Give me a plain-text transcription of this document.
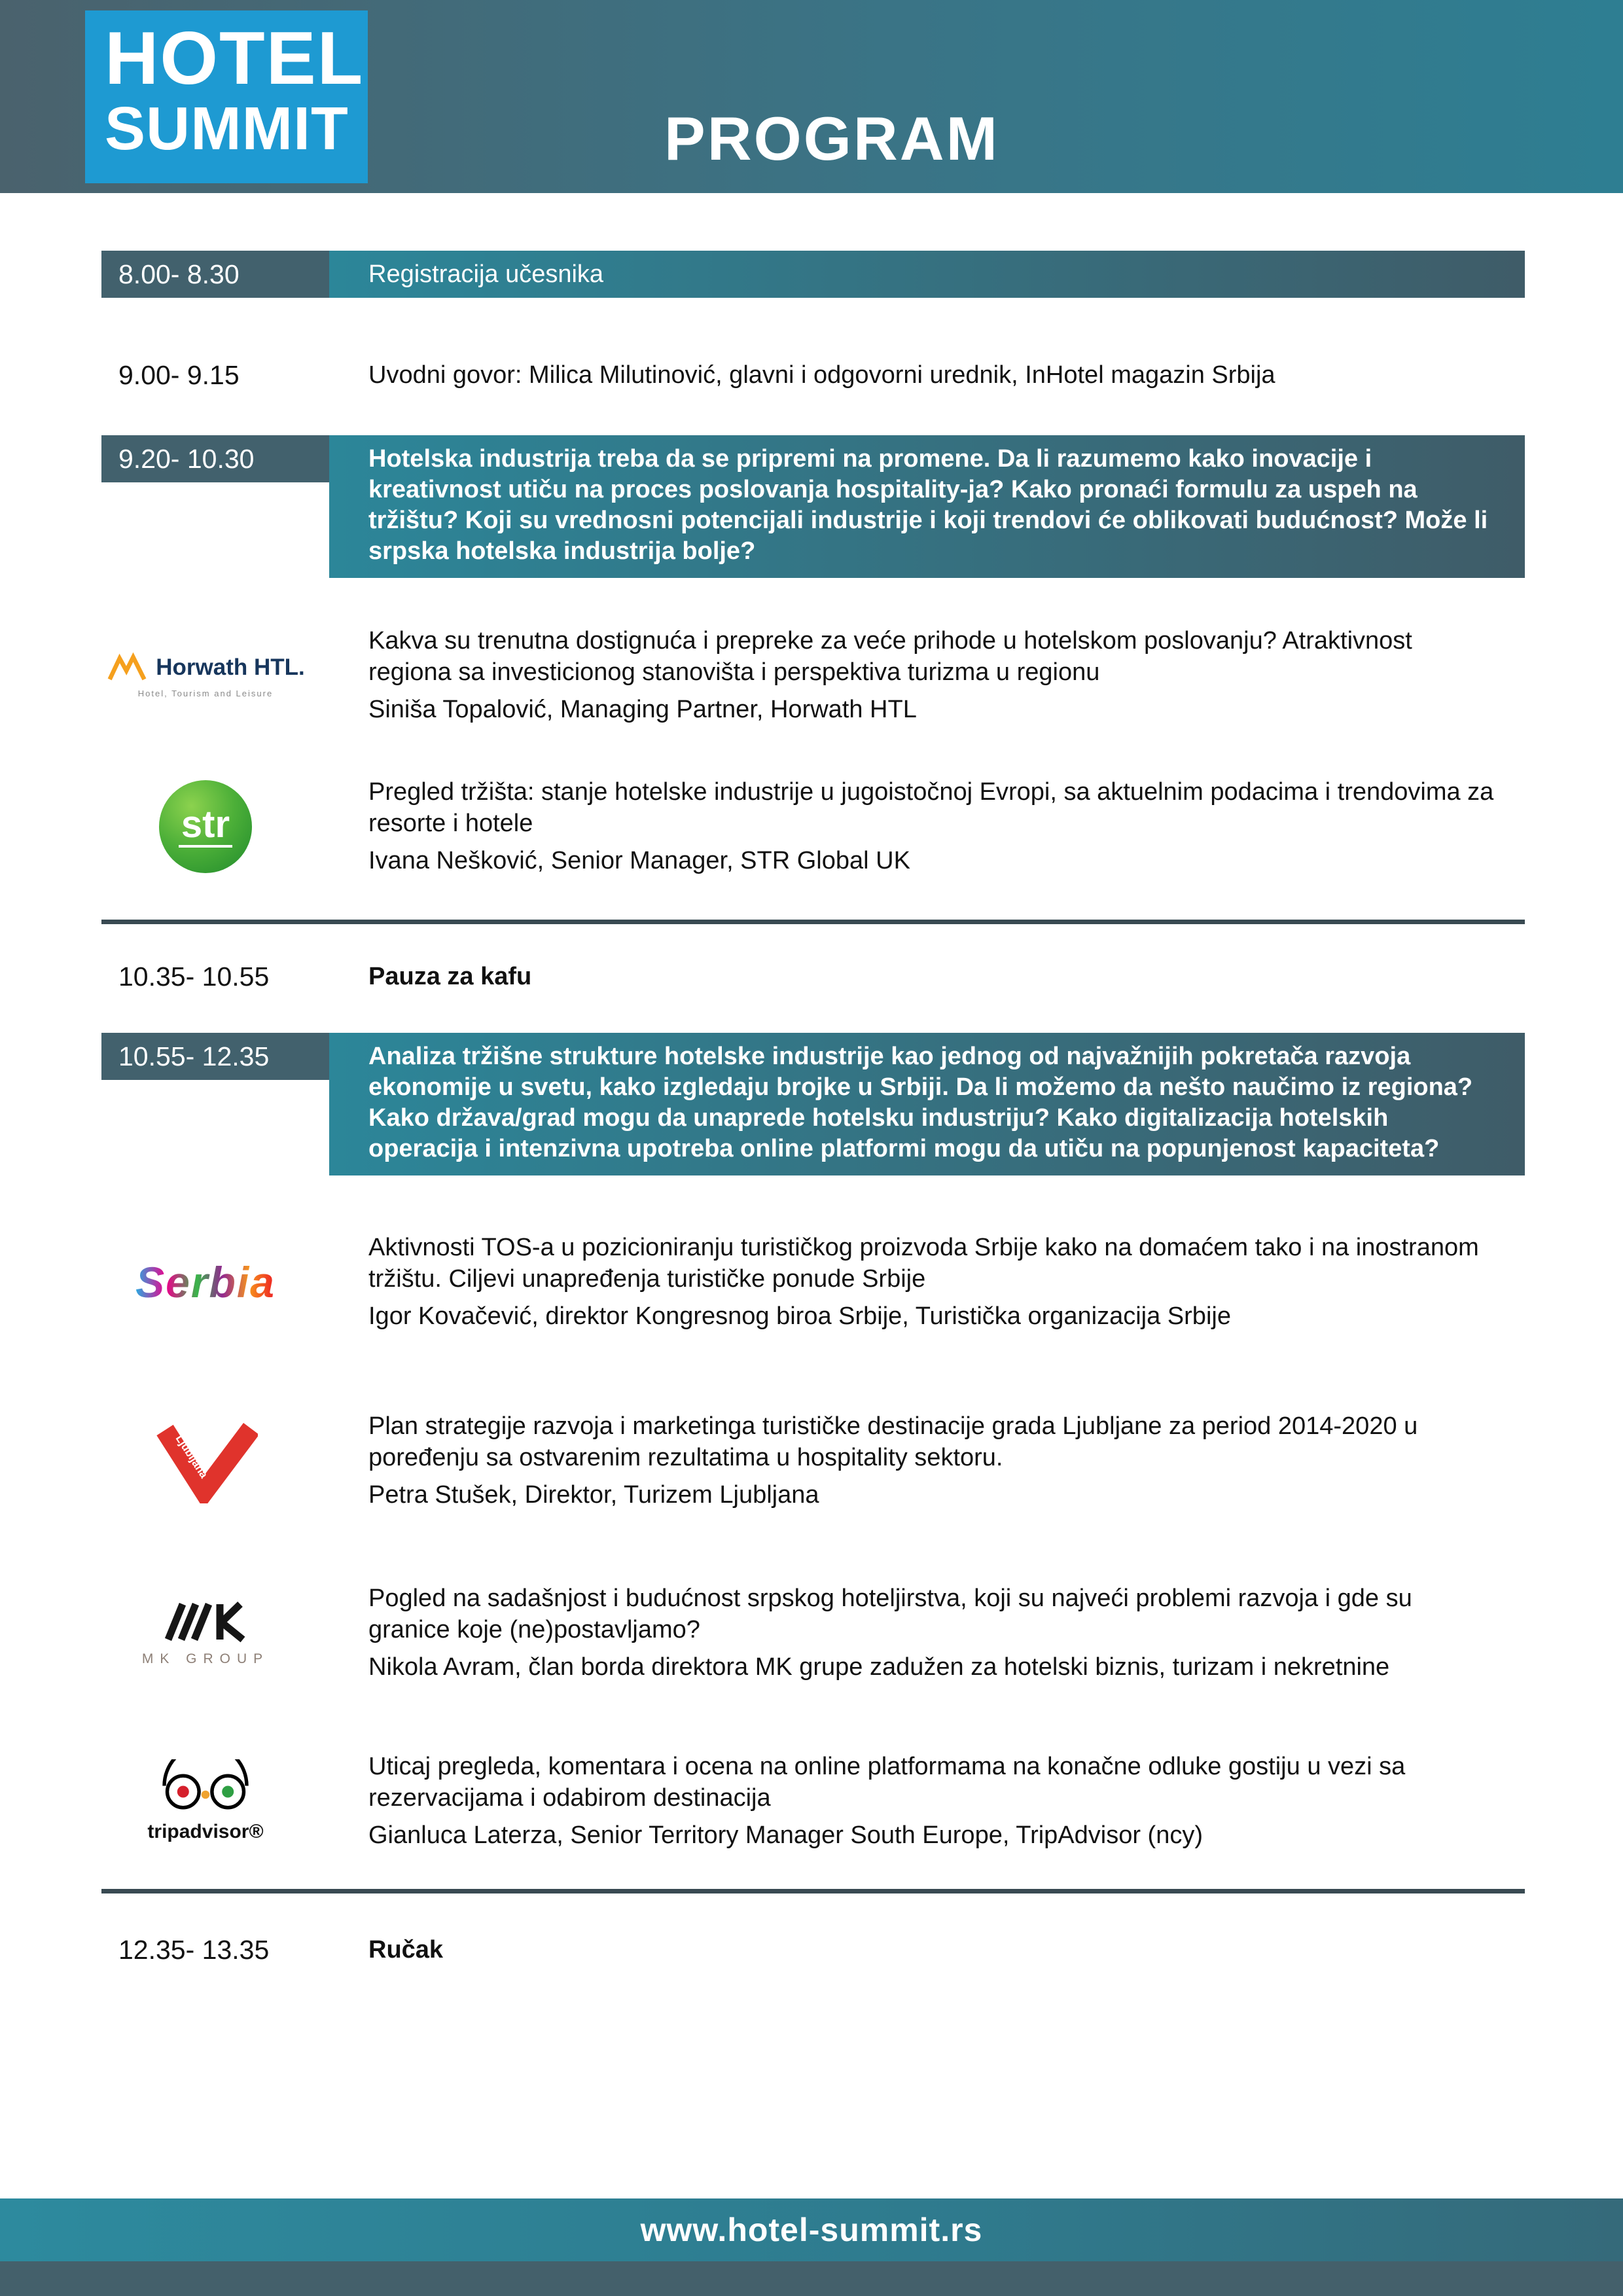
HOTEL
SUMMIT	PROGRAM
8.00- 8.30	Registracija učesnika
9.00- 9.15	Uvodni govor: Milica Milutinović, glavni i odgovorni urednik, InHotel magazin Srbija
9.20- 10.30	Hotelska industrija treba da se pripremi na promene. Da li razumemo kako inovacije i kreativnost utiču na proces poslovanja hospitality-ja? Kako pronaći formulu za uspeh na tržištu? Koji su vrednosni potencijali industrije i koji trendovi će oblikovati budućnost? Može li srpska hotelska industrija bolje?
Horwath HTL.
Hotel, Tourism and Leisure
Kakva su trenutna dostignuća i prepreke za veće prihode u hotelskom poslovanju? Atraktivnost regiona sa investicionog stanovišta i perspektiva turizma u regionu
Siniša Topalović, Managing Partner, Horwath HTL
str
Pregled tržišta: stanje hotelske industrije u jugoistočnoj Evropi, sa aktuelnim podacima i trendovima za resorte i hotele
Ivana Nešković, Senior Manager, STR Global UK
10.35- 10.55	Pauza za kafu
10.55- 12.35	Analiza tržišne strukture hotelske industrije kao jednog od najvažnijih pokretača razvoja ekonomije u svetu, kako izgledaju brojke u Srbiji. Da li možemo da nešto naučimo iz regiona? Kako država/grad mogu da unaprede hotelsku industriju? Kako digitalizacija hotelskih operacija i intenzivna upotreba online platformi mogu da utiču na popunjenost kapaciteta?
Serbia
Aktivnosti TOS-a u pozicioniranju turističkog proizvoda Srbije kako na domaćem tako i na inostranom tržištu. Ciljevi unapređenja turističke ponude Srbije
Igor Kovačević, direktor Kongresnog biroa Srbije, Turistička organizacija Srbije
Ljubljana
Plan strategije razvoja i marketinga turističke destinacije grada Ljubljane za period 2014-2020 u poređenju sa ostvarenim rezultatima u hospitality sektoru.
Petra Stušek, Direktor, Turizem Ljubljana
MK GROUP
Pogled na sadašnjost i budućnost srpskog hoteljirstva, koji su najveći problemi razvoja i gde su granice koje (ne)postavljamo?
Nikola Avram, član borda direktora MK grupe zadužen za hotelski biznis, turizam i nekretnine
tripadvisor®
Uticaj pregleda, komentara i ocena na online platformama na konačne odluke gostiju u vezi sa rezervacijama i odabirom destinacija
Gianluca Laterza, Senior Territory Manager South Europe, TripAdvisor (ncy)
12.35- 13.35	Ručak
www.hotel-summit.rs
